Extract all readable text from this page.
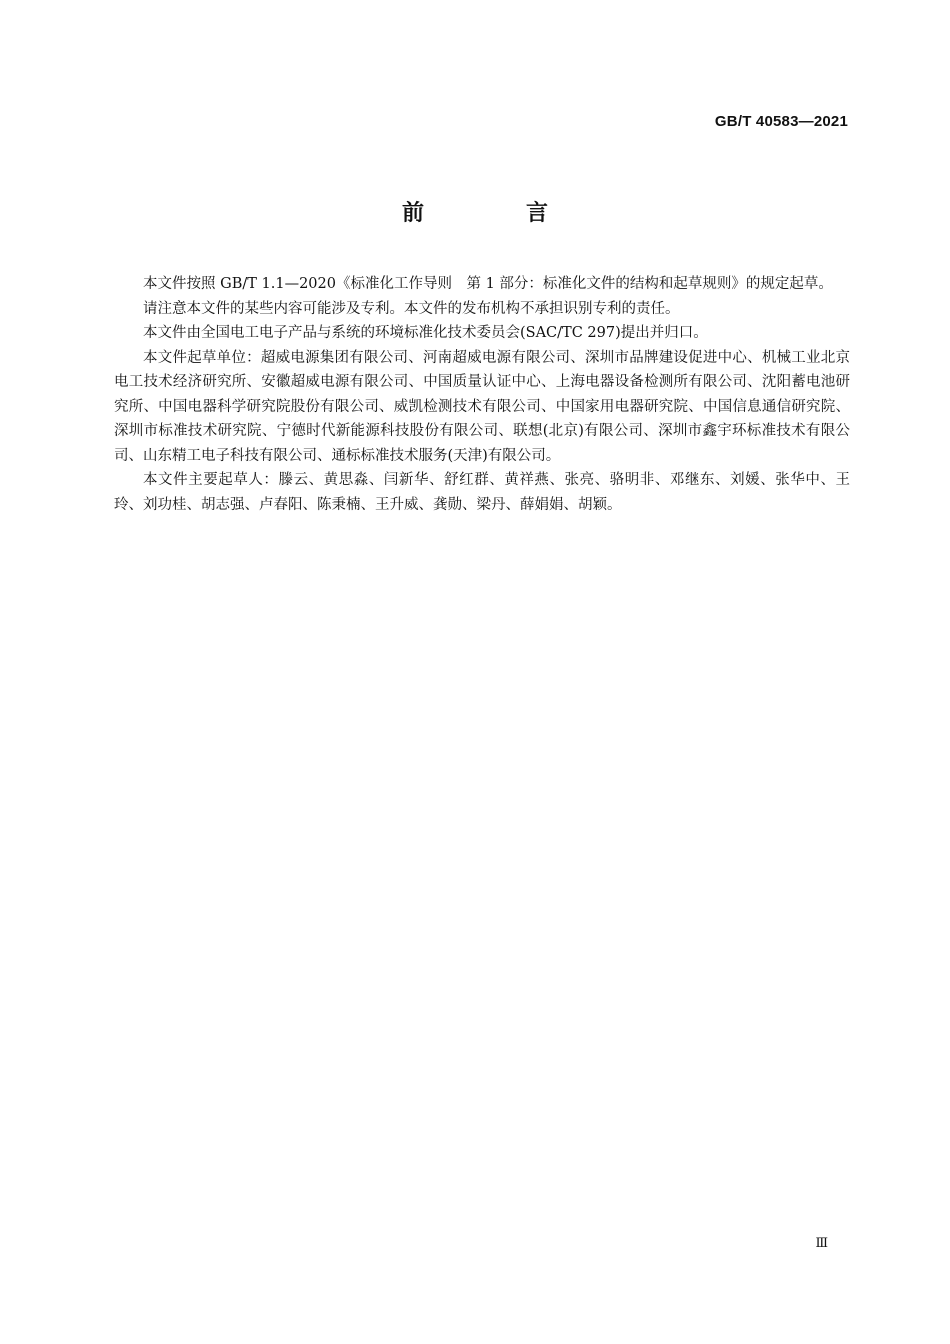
GB/T 40583—2021
前　言

本文件按照 GB/T 1.1—2020《标准化工作导则　第 1 部分：标准化文件的结构和起草规则》的规定起草。

请注意本文件的某些内容可能涉及专利。本文件的发布机构不承担识别专利的责任。

本文件由全国电工电子产品与系统的环境标准化技术委员会(SAC/TC 297)提出并归口。

本文件起草单位：超威电源集团有限公司、河南超威电源有限公司、深圳市品牌建设促进中心、机械工业北京电工技术经济研究所、安徽超威电源有限公司、中国质量认证中心、上海电器设备检测所有限公司、沈阳蓄电池研究所、中国电器科学研究院股份有限公司、威凯检测技术有限公司、中国家用电器研究院、中国信息通信研究院、深圳市标准技术研究院、宁德时代新能源科技股份有限公司、联想(北京)有限公司、深圳市鑫宇环标准技术有限公司、山东精工电子科技有限公司、通标标准技术服务(天津)有限公司。

本文件主要起草人：滕云、黄思淼、闫新华、舒红群、黄祥燕、张亮、骆明非、邓继东、刘媛、张华中、王玲、刘功桂、胡志强、卢春阳、陈秉楠、王升威、龚勋、梁丹、薛娟娟、胡颖。

Ⅲ
